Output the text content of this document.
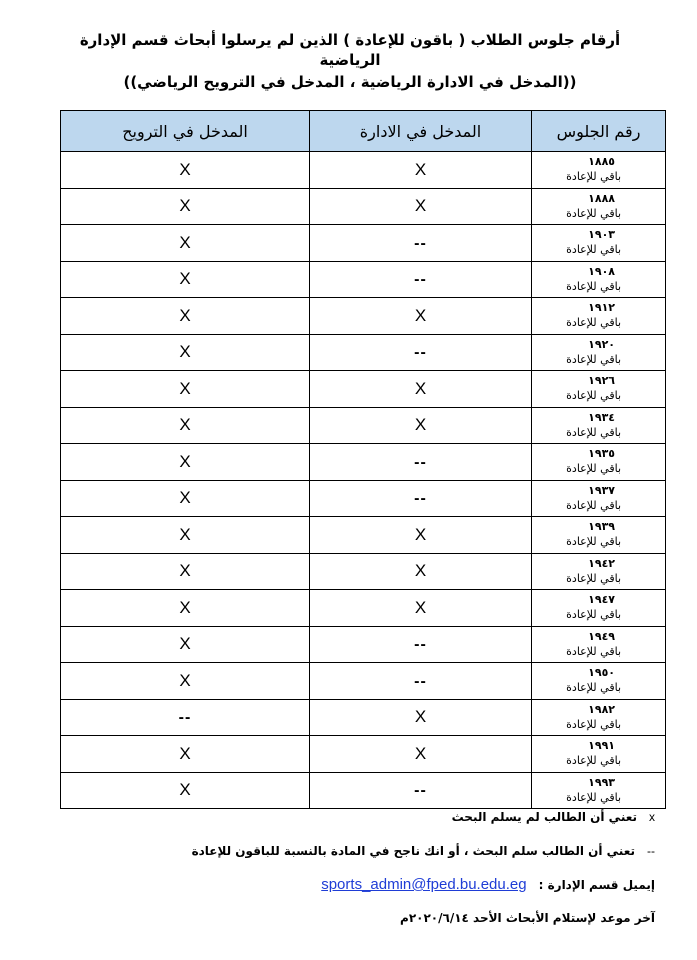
أرقام جلوس الطلاب ( باقون للإعادة ) الذين لم يرسلوا أبحاث قسم الإدارة الرياضية
((المدخل في الادارة الرياضية ، المدخل في الترويح الرياضي))
رقم الجلوس	المدخل في الادارة	المدخل في الترويح

١٨٨٥
باقي للإعادة	X	X

١٨٨٨
باقي للإعادة	X	X

١٩٠٣
باقي للإعادة	--	X

١٩٠٨
باقي للإعادة	--	X

١٩١٢
باقي للإعادة	X	X

١٩٢٠
باقي للإعادة	--	X

١٩٢٦
باقي للإعادة	X	X

١٩٣٤
باقي للإعادة	X	X

١٩٣٥
باقي للإعادة	--	X

١٩٣٧
باقي للإعادة	--	X

١٩٣٩
باقي للإعادة	X	X

١٩٤٢
باقي للإعادة	X	X

١٩٤٧
باقي للإعادة	X	X

١٩٤٩
باقي للإعادة	--	X

١٩٥٠
باقي للإعادة	--	X

١٩٨٢
باقي للإعادة	X	--

١٩٩١
باقي للإعادة	X	X

١٩٩٣
باقي للإعادة	--	X
xتعني أن الطالب لم يسلم البحث
--تعني أن الطالب سلم البحث ، أو انك ناجح في المادة بالنسبة للباقون للإعادة
إيميل قسم الإدارة :sports_admin@fped.bu.edu.eg
آخر موعد لإستلام الأبحاث الأحد ٢٠٢٠/٦/١٤م
